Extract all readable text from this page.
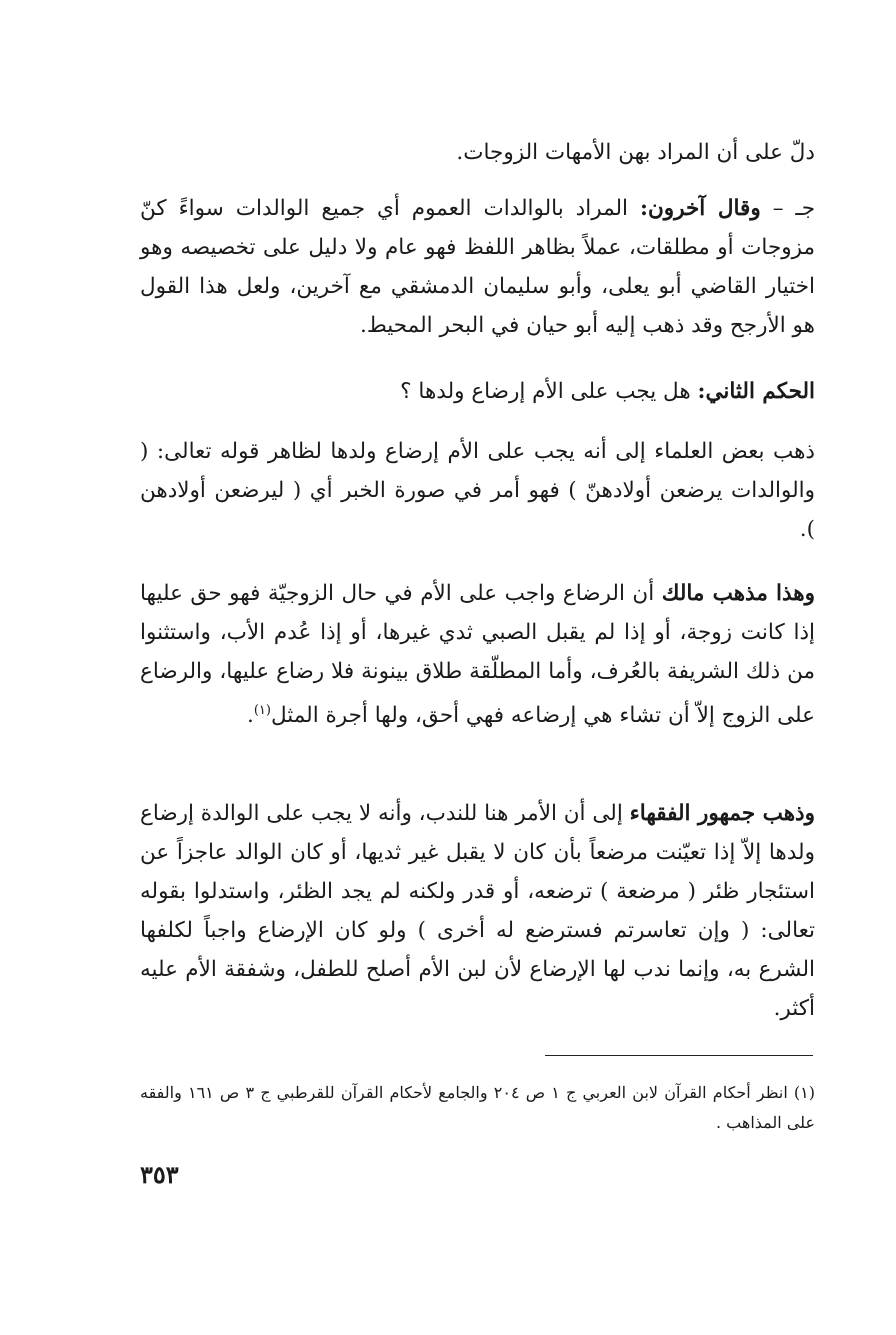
دلّ على أن المراد بهن الأمهات الزوجات.

جـ – وقال آخرون: المراد بالوالدات العموم أي جميع الوالدات سواءً كنّ مزوجات أو مطلقات، عملاً بظاهر اللفظ فهو عام ولا دليل على تخصيصه وهو اختيار القاضي أبو يعلى، وأبو سليمان الدمشقي مع آخرين، ولعل هذا القول هو الأرجح وقد ذهب إليه أبو حيان في البحر المحيط.

الحكم الثاني: هل يجب على الأم إرضاع ولدها ؟

ذهب بعض العلماء إلى أنه يجب على الأم إرضاع ولدها لظاهر قوله تعالى: ( والوالدات يرضعن أولادهنّ ) فهو أمر في صورة الخبر أي ( ليرضعن أولادهن ).

وهذا مذهب مالك أن الرضاع واجب على الأم في حال الزوجيّة فهو حق عليها إذا كانت زوجة، أو إذا لم يقبل الصبي ثدي غيرها، أو إذا عُدم الأب، واستثنوا من ذلك الشريفة بالعُرف، وأما المطلّقة طلاق بينونة فلا رضاع عليها، والرضاع على الزوج إلاّ أن تشاء هي إرضاعه فهي أحق، ولها أجرة المثل$^{(١)}$.

وذهب جمهور الفقهاء إلى أن الأمر هنا للندب، وأنه لا يجب على الوالدة إرضاع ولدها إلاّ إذا تعيّنت مرضعاً بأن كان لا يقبل غير ثديها، أو كان الوالد عاجزاً عن استئجار ظئر ( مرضعة ) ترضعه، أو قدر ولكنه لم يجد الظئر، واستدلوا بقوله تعالى: ( وإن تعاسرتم فسترضع له أخرى ) ولو كان الإرضاع واجباً لكلفها الشرع به، وإنما ندب لها الإرضاع لأن لبن الأم أصلح للطفل، وشفقة الأم عليه أكثر.

(١) انظر أحكام القرآن لابن العربي ج ١ ص ٢٠٤ والجامع لأحكام القرآن للقرطبي ج ٣ ص ١٦١ والفقه على المذاهب .

٣٥٣
